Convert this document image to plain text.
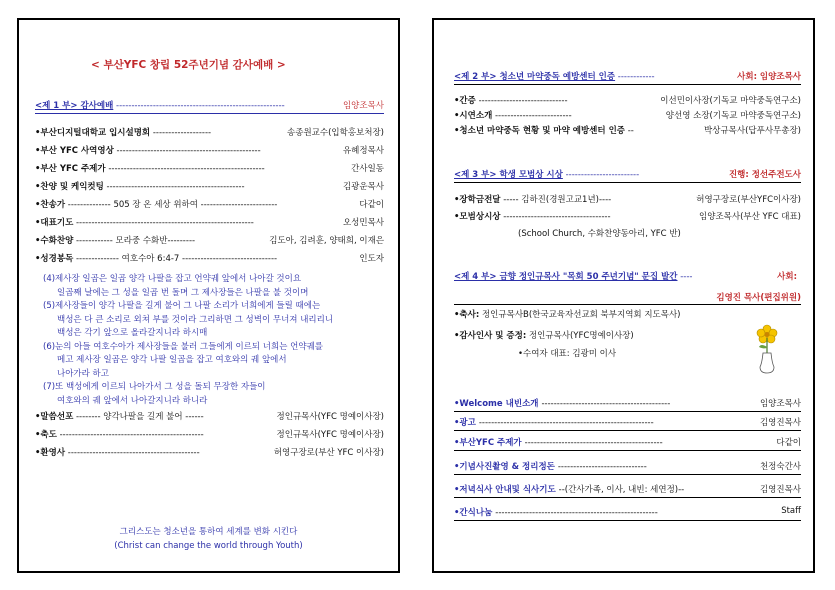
< 부산YFC 창립 52주년기념 감사예배 >
<제 1 부> 감사예배 -------------------------------------------------------	임양조목사
•부산디지털대학교 입시설명회 -------------------	송종원교수(입학홍보처장)
•부산 YFC 사역영상 -----------------------------------------------	유혜정목사
•부산 YFC 주제가 ---------------------------------------------------	간사일동
•찬양 및 케익컷팅 ---------------------------------------------	김광운목사
•찬송가 -------------- 505 장 온 세상 위하여 -------------------------	다같이
•대표기도 ----------------------------------------------------------	오성민목사
•수화찬양 ------------ 모라중 수화반---------	김도아, 김려훈, 양태희, 이재은
•성경봉독 -------------- 여호수아 6:4-7 -------------------------------	인도자
(4)제사장 일곱은 일곱 양각 나팔을 잡고 언약궤 앞에서 나아갈 것이요
일곱째 날에는 그 성을 일곱 번 돌며 그 제사장들은 나팔을 불 것이며
(5)제사장들이 양각 나팔을 길게 불어 그 나팔 소리가 너희에게 들릴 때에는
백성은 다 큰 소리로 외쳐 부를 것이라 그리하면 그 성벽이 무너져 내리리니
백성은 각기 앞으로 올라갈지니라 하시매
(6)눈의 아들 여호수아가 제사장들을 불러 그들에게 이르되 너희는 언약궤를
메고 제사장 일곱은 양각 나팔 일곱을 잡고 여호와의 궤 앞에서
나아가라 하고
(7)또 백성에게 이르되 나아가서 그 성을 돌되 무장한 자들이
여호와의 궤 앞에서 나아갈지니라 하니라
•말씀선포 -------- 양각나팔을 길게 불어 ------	정인규목사(YFC 명예이사장)
•축도 -----------------------------------------------	정인규목사(YFC 명예이사장)
•환영사 -------------------------------------------	허영구장로(부산 YFC 이사장)
그리스도는 청소년을 통하여 세계를 변화 시킨다
(Christ can change the world through Youth)
<제 2 부> 청소년 마약중독 예방센터 인증 ------------	사회: 임양조목사
•간증 -----------------------------	이선민이사장(기독교 마약중독연구소)
•시연소개 -------------------------	양선영 소장(기독교 마약중독연구소)
•청소년 마약중독 현황 및 마약 예방센터 인증 --	박상규목사(답푸사무총장)
<제 3 부> 학생 모범상 시상 ------------------------	진행: 정선주전도사
•장학금전달 ----- 김하진(경원고교1년)----	허영구장로(부산YFC이사장)
•모범상시상 -----------------------------------	임양조목사(부산 YFC 대표)
(School Church, 수화찬양동아리, YFC 반)
<제 4 부> 금향 정인규목사 "목회 50 주년기념" 문집 발간 ----	사회:
김영진 목사(편집위원)
•축사: 정인규목사B(한국교육자선교회 북부지역회 지도목사)
•감사인사 및 증정: 정인규목사(YFC명예이사장)
•수여자 대표: 김광미 이사
•Welcome 내빈소개 ------------------------------------------	임양조목사
•광고 ---------------------------------------------------------	김영진목사
•부산YFC 주제가 ---------------------------------------------	다같이
•기념사진촬영 & 정리정돈 -----------------------------	천정숙간사
•저녁식사 안내및 식사기도 --(간사가족, 이사, 내빈: 세연정)--	김영진목사
•간식나눔 -----------------------------------------------------	Staff
